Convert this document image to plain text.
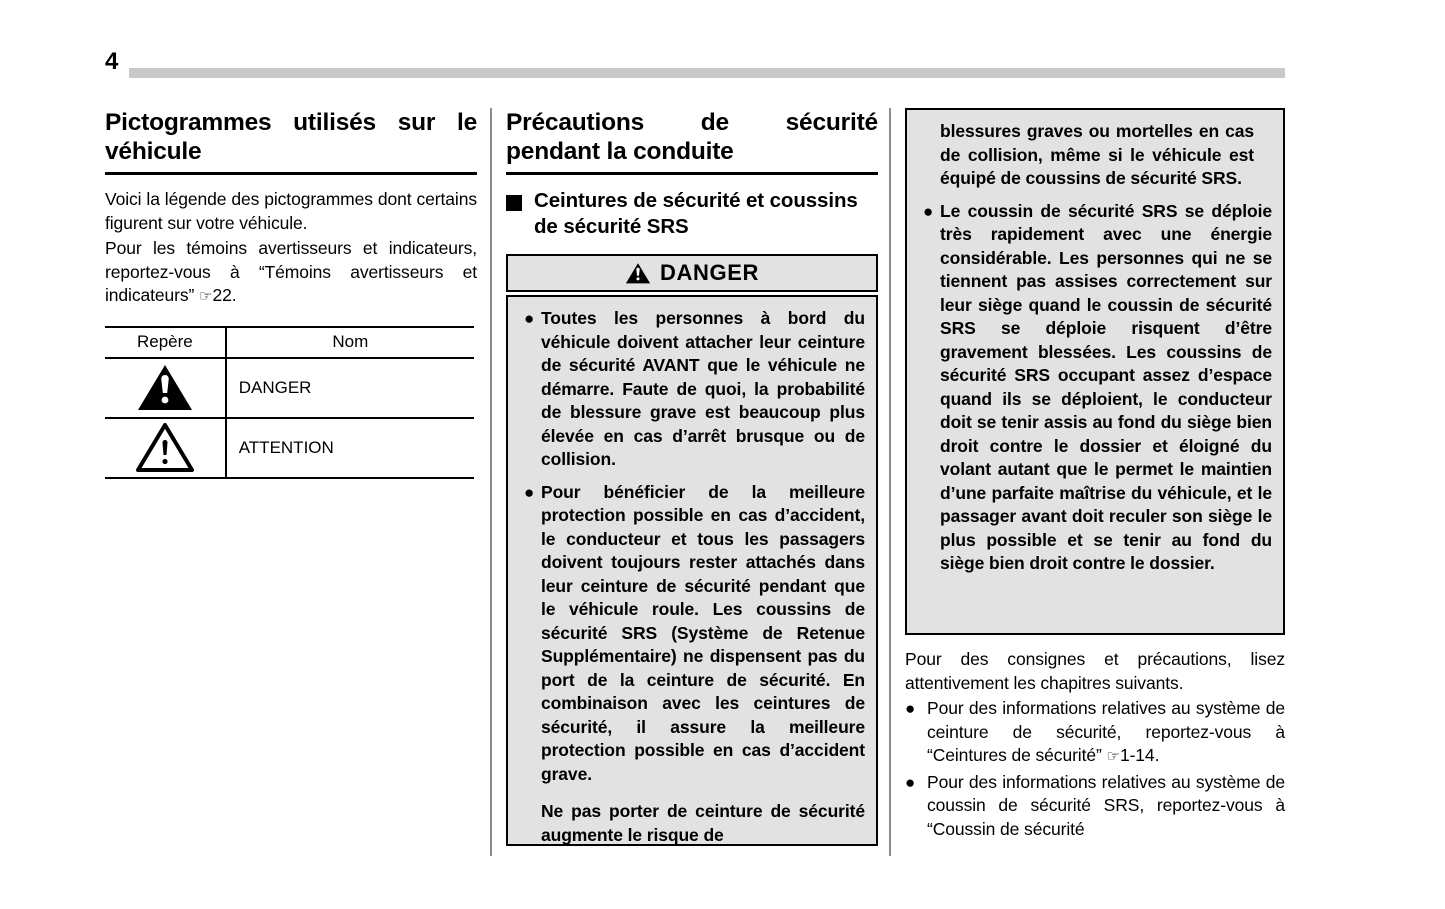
4
Pictogrammes utilisés sur le véhicule

Voici la légende des pictogrammes dont certains figurent sur votre véhicule.

Pour les témoins avertisseurs et indicateurs, reportez-vous à “Témoins avertisseurs et indicateurs” ☞22.

Repère	Nom
	DANGER
	ATTENTION
Précautions de sécurité pendant la conduite
Ceintures de sécurité et coussins de sécurité SRS
DANGER
● Toutes les personnes à bord du véhicule doivent attacher leur ceinture de sécurité AVANT que le véhicule ne démarre. Faute de quoi, la probabilité de blessure grave est beaucoup plus élevée en cas d’arrêt brusque ou de collision.
● Pour bénéficier de la meilleure protection possible en cas d’accident, le conducteur et tous les passagers doivent toujours rester attachés dans leur ceinture de sécurité pendant que le véhicule roule. Les coussins de sécurité SRS (Système de Retenue Supplémentaire) ne dispensent pas du port de la ceinture de sécurité. En combinaison avec les ceintures de sécurité, il assure la meilleure protection possible en cas d’accident grave.
Ne pas porter de ceinture de sécurité augmente le risque de
blessures graves ou mortelles en cas de collision, même si le véhicule est équipé de coussins de sécurité SRS.
● Le coussin de sécurité SRS se déploie très rapidement avec une énergie considérable. Les personnes qui ne se tiennent pas assises correctement sur leur siège quand le coussin de sécurité SRS se déploie risquent d’être gravement blessées. Les coussins de sécurité SRS occupant assez d’espace quand ils se déploient, le conducteur doit se tenir assis au fond du siège bien droit contre le dossier et éloigné du volant autant que le permet le maintien d’une parfaite maîtrise du véhicule, et le passager avant doit reculer son siège le plus possible et se tenir au fond du siège bien droit contre le dossier.

Pour des consignes et précautions, lisez attentivement les chapitres suivants.

● Pour des informations relatives au système de ceinture de sécurité, reportez-vous à “Ceintures de sécurité” ☞1-14.

● Pour des informations relatives au système de coussin de sécurité SRS, reportez-vous à “Coussin de sécurité
